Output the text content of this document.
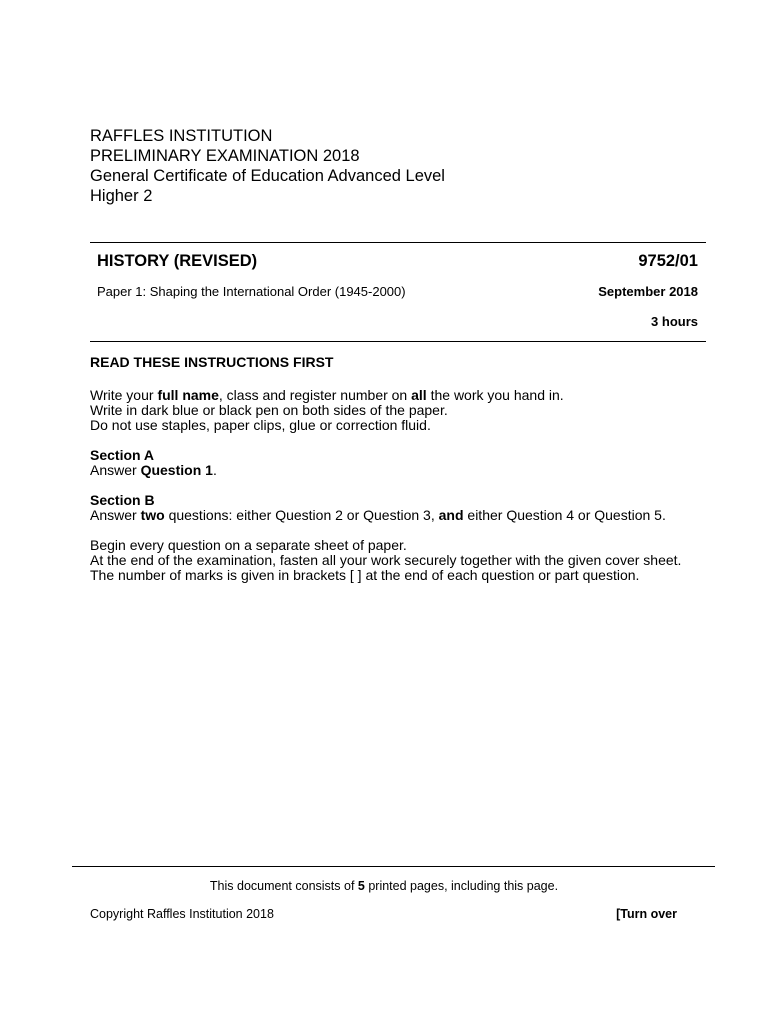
RAFFLES INSTITUTION

PRELIMINARY EXAMINATION 2018

General Certificate of Education Advanced Level

Higher 2

HISTORY (REVISED)	9752/01
Paper 1: Shaping the International Order (1945-2000)	September 2018
3 hours

READ THESE INSTRUCTIONS FIRST

Write your full name, class and register number on all the work you hand in.

Write in dark blue or black pen on both sides of the paper.

Do not use staples, paper clips, glue or correction fluid.

Section A

Answer Question 1.

Section B

Answer two questions: either Question 2 or Question 3, and either Question 4 or Question 5.

Begin every question on a separate sheet of paper.

At the end of the examination, fasten all your work securely together with the given cover sheet.

The number of marks is given in brackets [ ] at the end of each question or part question.

This document consists of 5 printed pages, including this page.
Copyright Raffles Institution 2018	[Turn over
